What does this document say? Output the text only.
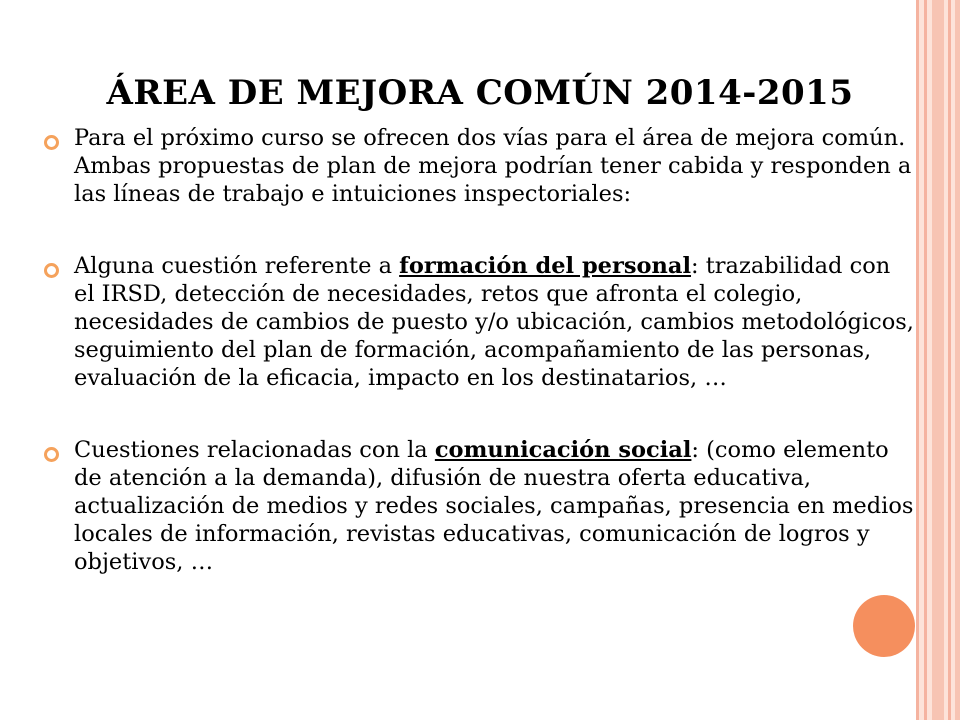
ÁREA DE MEJORA COMÚN 2014-2015
Para el próximo curso se ofrecen dos vías para el área de mejora común. Ambas propuestas de plan de mejora podrían tener cabida y responden a las líneas de trabajo e intuiciones inspectoriales:
Alguna cuestión referente a formación del personal: trazabilidad con el IRSD, detección de necesidades, retos que afronta el colegio, necesidades de cambios de puesto y/o ubicación, cambios metodológicos, seguimiento del plan de formación, acompañamiento de las personas, evaluación de la eficacia, impacto en los destinatarios, …
Cuestiones relacionadas con la comunicación social: (como elemento de atención a la demanda), difusión de nuestra oferta educativa, actualización de medios y redes sociales, campañas, presencia en medios locales de información, revistas educativas, comunicación de logros y objetivos, …
